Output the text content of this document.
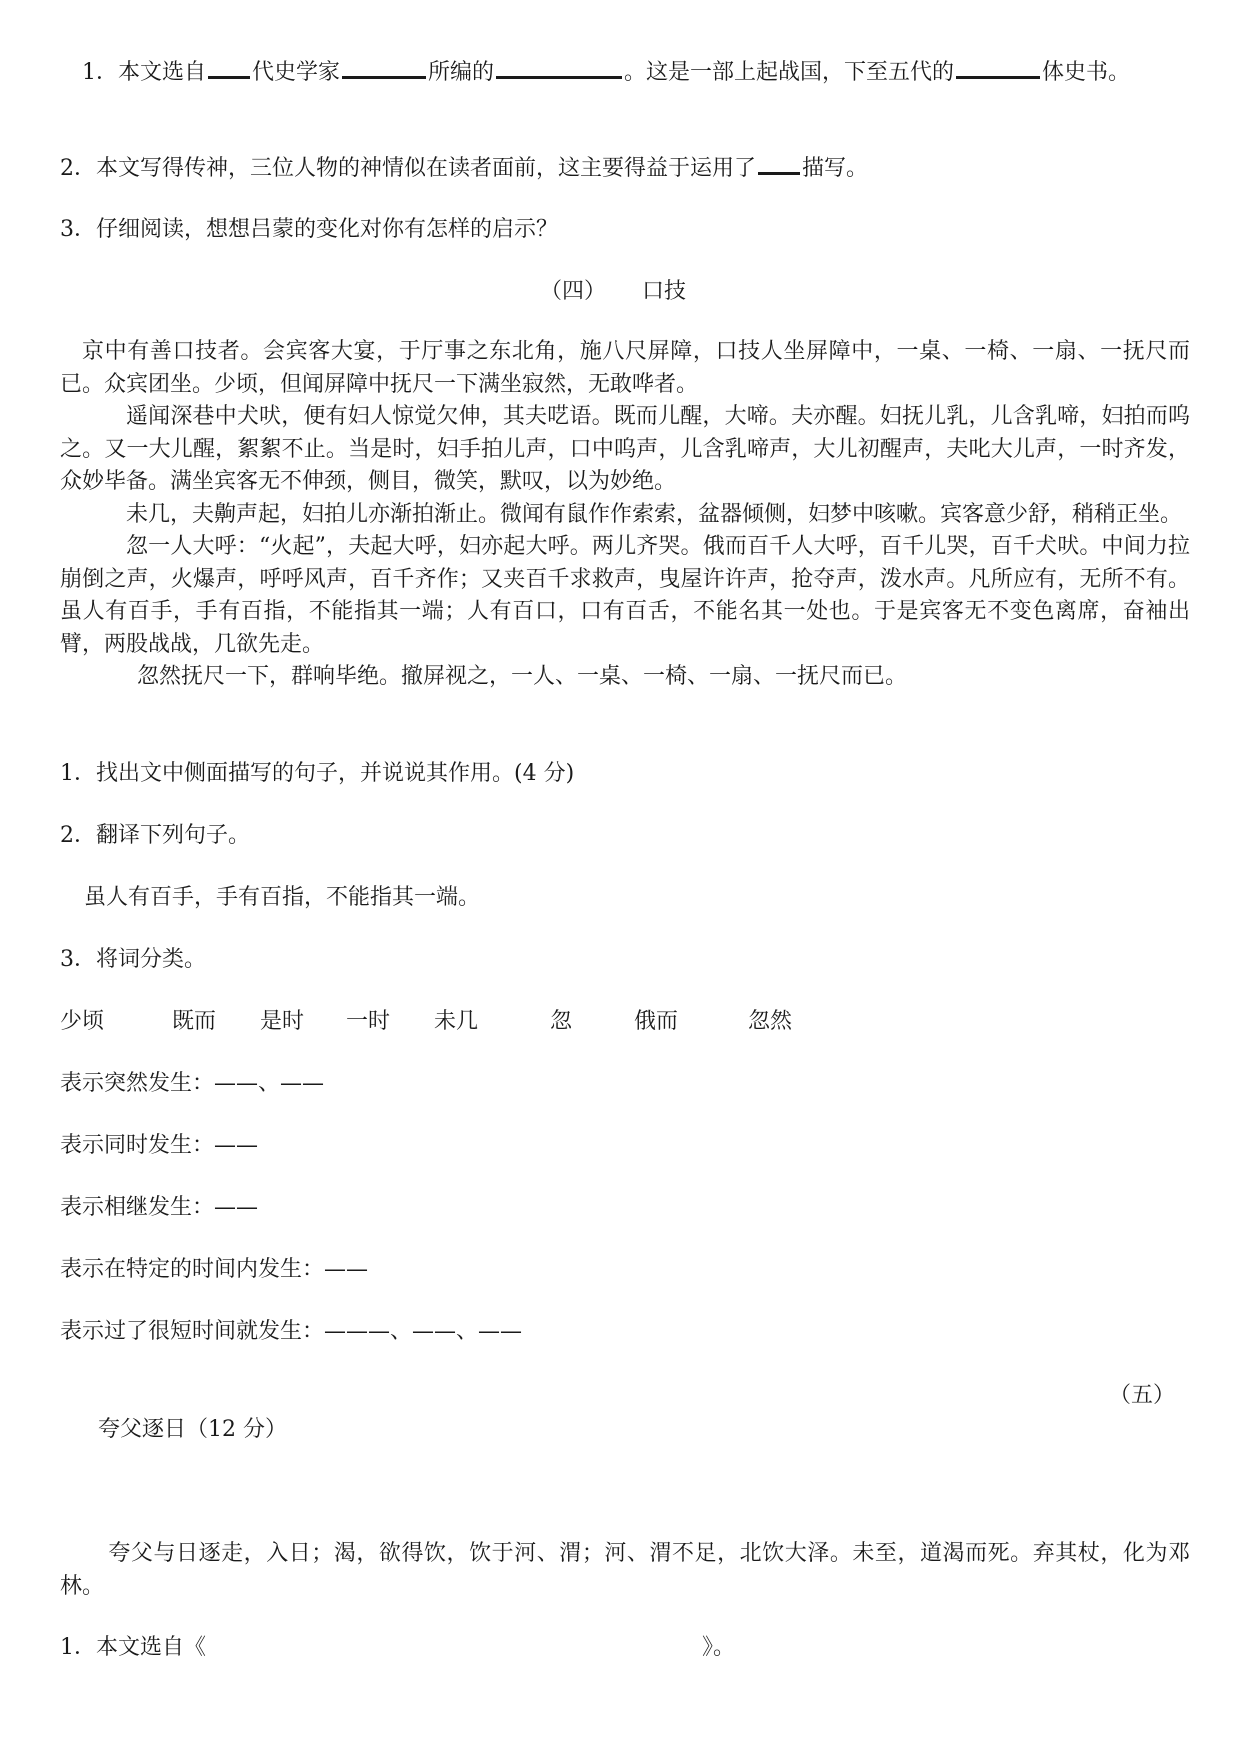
1．本文选自 代史学家	所编的	。这是一部上起战国，下至五代的	体史书。

2．本文写得传神，三位人物的神情似在读者面前，这主要得益于运用了 描写。
3．仔细阅读，想想吕蒙的变化对你有怎样的启示？
（四） 口技

京中有善口技者。会宾客大宴，于厅事之东北角，施八尺屏障，口技人坐屏障中，一桌、一椅、一扇、一抚尺而已。众宾团坐。少顷，但闻屏障中抚尺一下满坐寂然，无敢哗者。

遥闻深巷中犬吠，便有妇人惊觉欠伸，其夫呓语。既而儿醒，大啼。夫亦醒。妇抚儿乳，儿含乳啼，妇拍而呜之。又一大儿醒，絮絮不止。当是时，妇手拍儿声，口中呜声，儿含乳啼声，大儿初醒声，夫叱大儿声，一时齐发，众妙毕备。满坐宾客无不伸颈，侧目，微笑，默叹，以为妙绝。

未几，夫齁声起，妇拍儿亦渐拍渐止。微闻有鼠作作索索，盆器倾侧，妇梦中咳嗽。宾客意少舒，稍稍正坐。

忽一人大呼：“火起”，夫起大呼，妇亦起大呼。两儿齐哭。俄而百千人大呼，百千儿哭，百千犬吠。中间力拉崩倒之声，火爆声，呼呼风声，百千齐作；又夹百千求救声，曳屋许许声，抢夺声，泼水声。凡所应有，无所不有。虽人有百手，手有百指，不能指其一端；人有百口，口有百舌，不能名其一处也。于是宾客无不变色离席，奋袖出臂，两股战战，几欲先走。

忽然抚尺一下，群响毕绝。撤屏视之，一人、一桌、一椅、一扇、一抚尺而已。

1．找出文中侧面描写的句子，并说说其作用。(4 分)
2．翻译下列句子。
虽人有百手，手有百指，不能指其一端。
3．将词分类。
少顷	既而 是时 一时 未几	忽	俄而	忽然
表示突然发生：——、——
表示同时发生：——
表示相继发生：——
表示在特定的时间内发生：——
表示过了很短时间就发生：———、——、——
（五）
夸父逐日（12 分）

夸父与日逐走，入日；渴，欲得饮，饮于河、渭；河、渭不足，北饮大泽。未至，道渴而死。弃其杖，化为邓林。

1．本文选自《	》。
